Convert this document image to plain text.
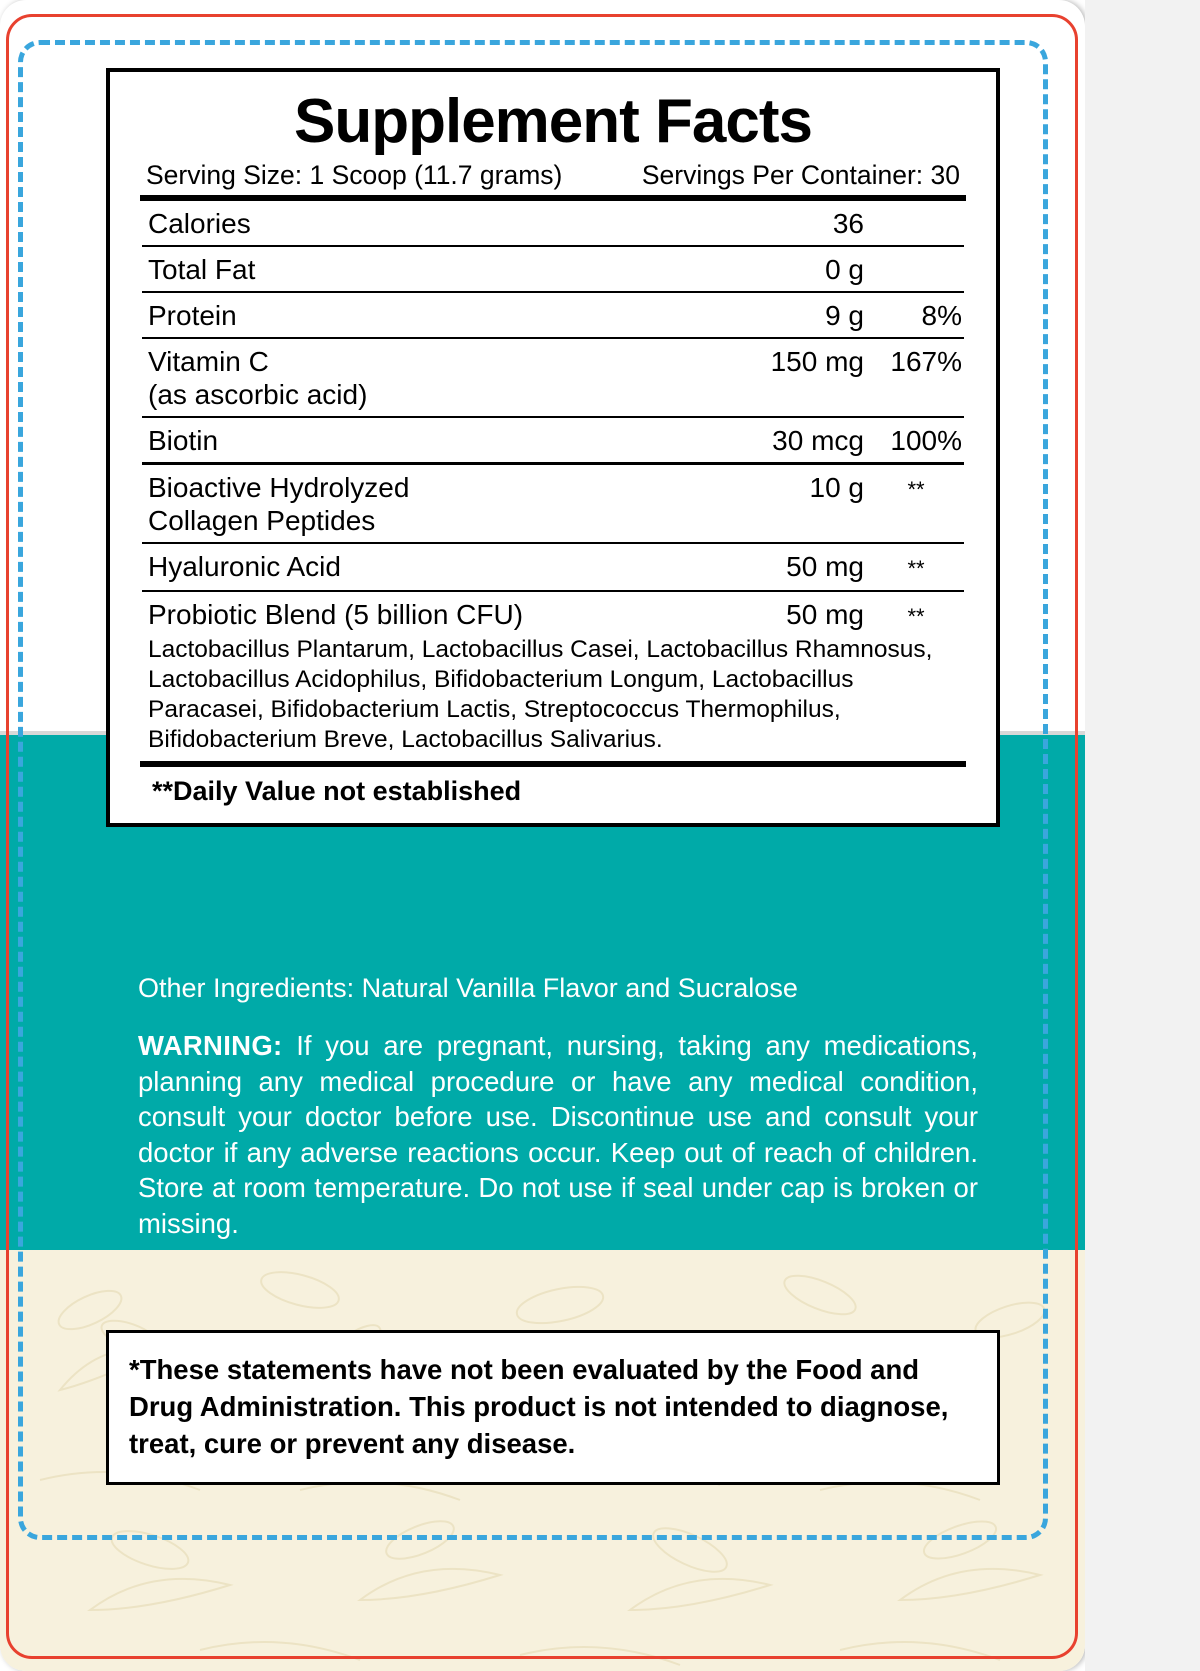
Supplement Facts
Serving Size: 1 Scoop (11.7 grams)	Servings Per Container: 30
Calories	36
Total Fat	0 g
Protein	9 g	8%
Vitamin C
(as ascorbic acid)
150 mg 167%
Biotin	30 mcg 100%
Bioactive Hydrolyzed
Collagen Peptides
10 g	**
Hyaluronic Acid	50 mg	**
Probiotic Blend (5 billion CFU)	50 mg	**
Lactobacillus Plantarum, Lactobacillus Casei, Lactobacillus Rhamnosus, Lactobacillus Acidophilus, Bifidobacterium Longum, Lactobacillus Paracasei, Bifidobacterium Lactis, Streptococcus Thermophilus, Bifidobacterium Breve, Lactobacillus Salivarius.
**Daily Value not established
Other Ingredients: Natural Vanilla Flavor and Sucralose
WARNING: If you are pregnant, nursing, taking any medications, planning any medical procedure or have any medical condition, consult your doctor before use. Discontinue use and consult your doctor if any adverse reactions occur. Keep out of reach of children. Store at room temperature. Do not use if seal under cap is broken or missing.

*These statements have not been evaluated by the Food and Drug Administration. This product is not intended to diagnose, treat, cure or prevent any disease.
